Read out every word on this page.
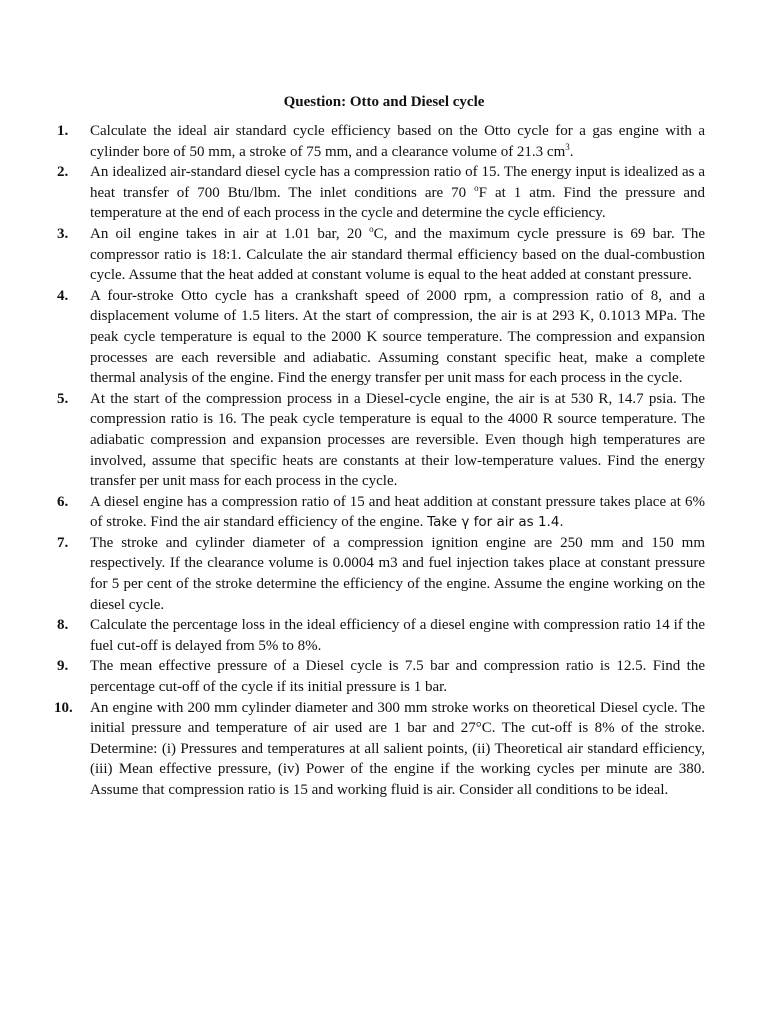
Question: Otto and Diesel cycle
1.	Calculate the ideal air standard cycle efficiency based on the Otto cycle for a gas engine with a cylinder bore of 50 mm, a stroke of 75 mm, and a clearance volume of 21.3 $cm^3$.
2.	An idealized air-standard diesel cycle has a compression ratio of 15. The energy input is idealized as a heat transfer of 700 Btu/lbm. The inlet conditions are 70 $^o$F at 1 atm. Find the pressure and temperature at the end of each process in the cycle and determine the cycle efficiency.
3.	An oil engine takes in air at 1.01 bar, 20 $^o$C, and the maximum cycle pressure is 69 bar. The compressor ratio is 18:1. Calculate the air standard thermal efficiency based on the dual-combustion cycle. Assume that the heat added at constant volume is equal to the heat added at constant pressure.
4.	A four-stroke Otto cycle has a crankshaft speed of 2000 rpm, a compression ratio of 8, and a displacement volume of 1.5 liters. At the start of compression, the air is at 293 K, 0.1013 MPa. The peak cycle temperature is equal to the 2000 K source temperature. The compression and expansion processes are each reversible and adiabatic. Assuming constant specific heat, make a complete thermal analysis of the engine. Find the energy transfer per unit mass for each process in the cycle.
5.	At the start of the compression process in a Diesel-cycle engine, the air is at 530 R, 14.7 psia. The compression ratio is 16. The peak cycle temperature is equal to the 4000 R source temperature. The adiabatic compression and expansion processes are reversible. Even though high temperatures are involved, assume that specific heats are constants at their low-temperature values. Find the energy transfer per unit mass for each process in the cycle.
6.	A diesel engine has a compression ratio of 15 and heat addition at constant pressure takes place at 6% of stroke. Find the air standard efficiency of the engine. Take γ for air as 1.4.
7.	The stroke and cylinder diameter of a compression ignition engine are 250 mm and 150 mm respectively. If the clearance volume is 0.0004 m3 and fuel injection takes place at constant pressure for 5 per cent of the stroke determine the efficiency of the engine. Assume the engine working on the diesel cycle.
8.	Calculate the percentage loss in the ideal efficiency of a diesel engine with compression ratio 14 if the fuel cut-off is delayed from 5% to 8%.
9.	The mean effective pressure of a Diesel cycle is 7.5 bar and compression ratio is 12.5. Find the percentage cut-off of the cycle if its initial pressure is 1 bar.
10.	An engine with 200 mm cylinder diameter and 300 mm stroke works on theoretical Diesel cycle. The initial pressure and temperature of air used are 1 bar and 27°C. The cut-off is 8% of the stroke. Determine: (i) Pressures and temperatures at all salient points, (ii) Theoretical air standard efficiency, (iii) Mean effective pressure, (iv) Power of the engine if the working cycles per minute are 380. Assume that compression ratio is 15 and working fluid is air. Consider all conditions to be ideal.
